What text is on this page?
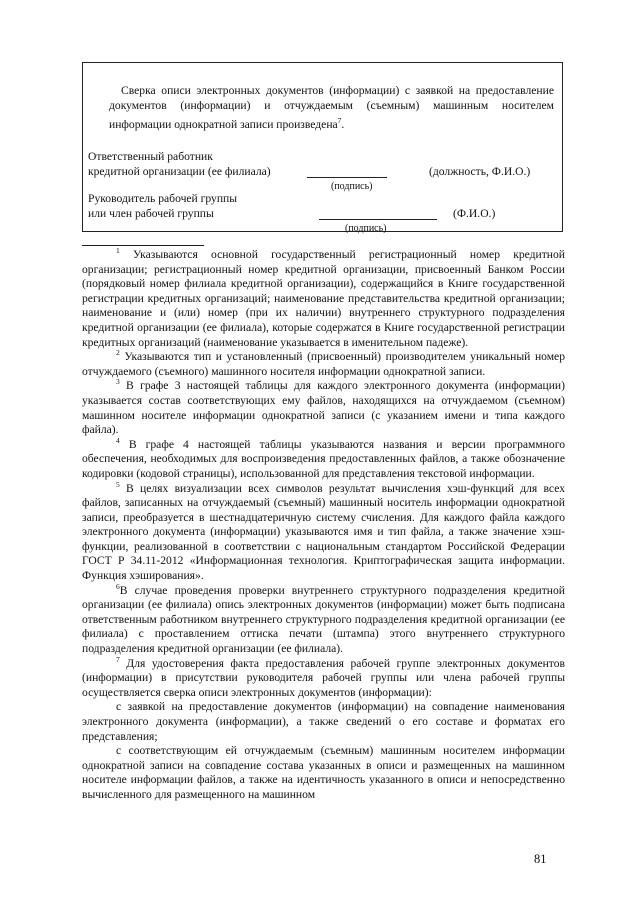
Сверка описи электронных документов (информации) с заявкой на предоставление документов (информации) и отчуждаемым (съемным) машинным носителем информации однократной записи произведена$^7$.
Ответственный работник
кредитной организации (ее филиала)
(подпись)
(должность, Ф.И.О.)
Руководитель рабочей группы
или член рабочей группы
(подпись)
(Ф.И.О.)

$^1$ Указываются основной государственный регистрационный номер кредитной организации; регистрационный номер кредитной организации, присвоенный Банком России (порядковый номер филиала кредитной организации), содержащийся в Книге государственной регистрации кредитных организаций; наименование представительства кредитной организации; наименование и (или) номер (при их наличии) внутреннего структурного подразделения кредитной организации (ее филиала), которые содержатся в Книге государственной регистрации кредитных организаций (наименование указывается в именительном падеже).

$^2$ Указываются тип и установленный (присвоенный) производителем уникальный номер отчуждаемого (съемного) машинного носителя информации однократной записи.

$^3$ В графе 3 настоящей таблицы для каждого электронного документа (информации) указывается состав соответствующих ему файлов, находящихся на отчуждаемом (съемном) машинном носителе информации однократной записи (с указанием имени и типа каждого файла).

$^4$ В графе 4 настоящей таблицы указываются названия и версии программного обеспечения, необходимых для воспроизведения предоставленных файлов, а также обозначение кодировки (кодовой страницы), использованной для представления текстовой информации.

$^5$ В целях визуализации всех символов результат вычисления хэш-функций для всех файлов, записанных на отчуждаемый (съемный) машинный носитель информации однократной записи, преобразуется в шестнадцатеричную систему счисления. Для каждого файла каждого электронного документа (информации) указываются имя и тип файла, а также значение хэш-функции, реализованной в соответствии с национальным стандартом Российской Федерации ГОСТ Р 34.11-2012 «Информационная технология. Криптографическая защита информации. Функция хэширования».

$^6$В случае проведения проверки внутреннего структурного подразделения кредитной организации (ее филиала) опись электронных документов (информации) может быть подписана ответственным работником внутреннего структурного подразделения кредитной организации (ее филиала) с проставлением оттиска печати (штампа) этого внутреннего структурного подразделения кредитной организации (ее филиала).

$^7$ Для удостоверения факта предоставления рабочей группе электронных документов (информации) в присутствии руководителя рабочей группы или члена рабочей группы осуществляется сверка описи электронных документов (информации):

с заявкой на предоставление документов (информации) на совпадение наименования электронного документа (информации), а также сведений о его составе и форматах его представления;

с соответствующим ей отчуждаемым (съемным) машинным носителем информации однократной записи на совпадение состава указанных в описи и размещенных на машинном носителе информации файлов, а также на идентичность указанного в описи и непосредственно вычисленного для размещенного на машинном

81
